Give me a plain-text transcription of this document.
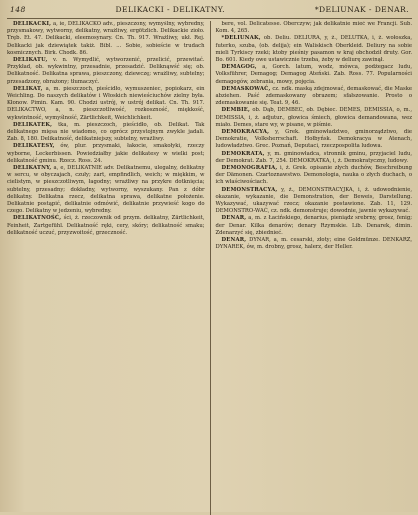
148	DELIKACKI - DELIKATNY.	*DELIUNAK - DENAR.

DELIKACKI, a, ie, DELIKACKO adv., pieszczony, wymyślny, wybredny, przysmakowy, wytworny, delikatny, wrażliwy, ergötzlich. Delikackie zioło. Tręb. Et. 47. Delikacki, eleemosynary. Cn. Th. 917. Wrażliwy, ukł. Rej. Delikacki jak dziewiątek takiż. Bibl. ... Sobie, sobieście w trudach kosmicznych. Birk. Chodk. 86.

DELIKATU, v. n. Wymydlić, wytworzenić, przelicić, przewitać. Przykład, ob. wykwintny, przesadnie, przesadzić. Deliknąwść się; ob. Delikatność. Delikatna sprawa, pieszczony, dziewczę; wrażliwy, subtelny; przesadzony, obrażony; tłumaczyć.

DELIKAT, a, m. pieszczoch, pieścidło, wymuszeniec, popiokarz, ein Weichling. Do naszych delikatów i Włoskich niewieściuchów zielny była. Kłonow. Pimin. Kam. 90. Chodzi ustrój, w ustrój delikat. Cn. Th. 917. DELIKACTWO, a, n. pieszczotliwość, rozkoszność, miękkość, wykwintność, wymyślność, Zärtlichkeit, Weichlichkeit.

DELIKATEK, tka, m. pieszczoch, pieścidło, ob. Delikat. Tak delikatnego mięsa nie wiadomo, co oprócz przystojnym zwykle jadali. Zab. 8, 180. Delikatność, delikatniejszy, subtelny, wrażliwy.

DELIKATESY, ów, plur. przysmaki, łakocie, smakołyki, rzeczy wyborne, Leckerbissen. Powiedziałby jakie delikatesy w wielki post; delikatność gminu. Rzecz. Ross. 24.

DELIKATNY, a, e, DELIKATNIE adv. Delikatnemu, ulegalny, delikatny w sercu, w obyczajach, czuły; zart, empfindlich, weich; w miękkim, w cielistym, w pieszczotliwym, łagodny; wrażliwy na przykre dotknięcia; subtelny, przesadny; dokładny, wytworny, wyszukany. Pan z dóbr delikatny. Delikatna rzecz, delikatna sprawa, delikatne położenie. Delikatnie postąpić, delikatnie odmówić, delikatnie przywieść kogo do czego. Delikatny w jedzeniu, wybredny.

DELIKATNOŚĆ, ści, ż. rzeczownik od przym. delikatny, Zärtlichkeit, Feinheit, Zartgefühl. Delikatność ręki, cery, skóry; delikatność smaku; delikatność uczuć, przyzwoitość, grzeczność.

bere, vol. Delicatesse. Oberczyw; jak delikatnie mieć we Francji. Sub. Kom. 4, 265.

*DELIUNAK, ob. Deliu. DELIURA, y, ż., DELUTKA, i, ż. wołoszka, futerko, szuba, (ob. delija); ein Waliskisch Oberkleid. Deliury na sobie mieli Tyrkiscy rzeki; ktoby pieśniy pasamon w kraj obchodził druty. Gor. Bo. 601. Kiedy owe ustawicznie trzeba, żeby w deliurę zawinął.

DEMAGOG, a, Gorch. latum, wodz, mówca, podżegacz ludu, Volksführer, Demagog; Demagog Ateński. Zab. Ross. 77. Popularności demagogów, zebrania, mowy, pojęcia.

DEMASKOWAĆ, cz. ndk. maską zdejmować, demaskować, die Maske abziehen. Paść zdemaskowany obrazem; sfałszowanie. Prosto o zdemaskowanie się. Teat. 9, 46.

DEMBIE, ob. Dąb, DEMBEC, ob. Dębiec. DEMES, DEMISSIA, o, m., DEMISSIA, i, ż. adjutur., głowica śmiech, głowica demandowana, wez miało. Demes, stare wy, w pisane, w piśmie.

DEMOKRACYA, y, Grek. gminowładztwo, gminorządztwo, die Demokratie, Volksherrschaft. Hołbyńsk. Demokracya w Atenach, ludowładztwo. Grec. Poznań, Deputaci, rzeczpospolita ludowa.

DEMOKRATA, y, m. gminowładca, stronnik gminu, przyjaciel ludu, der Demokrat. Zab. 7, 254. DEMOKRATKA, i, ż. Demokratyczny, ludowy.

DEMONOGRAFIA, i, ż. Grek. opisanie złych duchów, Beschreibung der Dämonen. Czartoznawstwo. Demonologia, nauka o złych duchach, o ich właściwościach.

DEMONSTRACYA, y, ż., DEMONSTRACYJKA, i, ż. udowodnienie, okazanie, wykazanie, die Demonstration, der Beweis, Darstellung. Wykazywać, ukazywać rzecz; okazanie postawione. Zab. 11, 129. DEMONSTRO-WAĆ, cz. ndk. demonstruje; dowodnie, jawnie wykazywać.

DENAR, a, m. z Łacińskiego, denarius, pieniądz srebrny, grosz, fenig; der Denar. Kilka denarów; denary Rzymskie. Lib. Denarek, dimin. Zdenarzyć się, zbiednieć.

DENAR, DYNAR, a, m. cesarski, złoty; eine Goldmünze. DENKARZ, DYNAREK, ów, m. drobny, grosz, halerz, der Heller.
